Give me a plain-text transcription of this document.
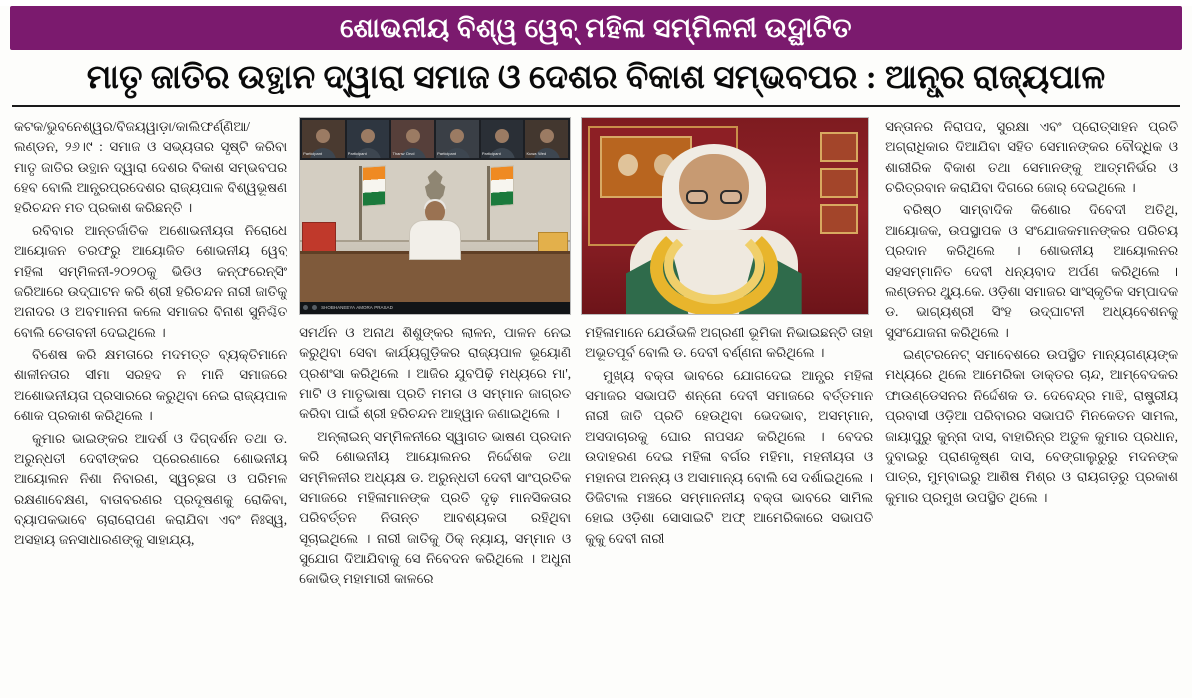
ଶୋଭନୀୟ ବିଶ୍ୱ ୱେବ୍ ମହିଳା ସମ୍ମିଳନୀ ଉଦ୍ଘାଟିତ
ମାତୃ ଜାତିର ଉତ୍ଥାନ ଦ୍ୱାରା ସମାଜ ଓ ଦେଶର ବିକାଶ ସମ୍ଭବପର : ଆନ୍ଧ୍ର ରାଜ୍ୟପାଳ

କଟକ/ଭୁବନେଶ୍ୱର/ବିଜୟୱାଡ଼ା/କାଲିଫର୍ଣ୍ଣିଆ/ ଲଣ୍ଡନ, ୨୬।୯ : ସମାଜ ଓ ସଭ୍ୟତାର ସୃଷ୍ଟି କରିବା ମାତୃ ଜାତିର ଉତ୍ଥାନ ଦ୍ୱାରା ଦେଶର ବିକାଶ ସମ୍ଭବପର ହେବ ବୋଲି ଆନ୍ଧ୍ରପ୍ରଦେଶର ରାଜ୍ୟପାଳ ବିଶ୍ୱଭୂଷଣ ହରିଚନ୍ଦନ ମତ ପ୍ରକାଶ କରିଛନ୍ତି ।

ରବିବାର ଆନ୍ତର୍ଜାତିକ ଅଶୋଭନୀୟତା ନିରୋଧେ ଆୟୋଜନ ତରଫରୁ ଆୟୋଜିତ ଶୋଭନୀୟ ୱେବ୍ ମହିଳା ସମ୍ମିଳନୀ-୨୦୨୦କୁ ଭିଡିଓ କନ୍‌ଫରେନ୍ସିଂ ଜରିଆରେ ଉଦ୍‌ଘାଟନ କରି ଶ୍ରୀ ହରିଚନ୍ଦନ ନାରୀ ଜାତିକୁ ଅନାଦର ଓ ଅବମାନନା କଲେ ସମାଜର ବିନାଶ ସୁନିଶ୍ଚିତ ବୋଲି ଚେତାବନୀ ଦେଇଥିଲେ ।

ବିଶେଷ କରି କ୍ଷମତାରେ ମଦମତ୍ତ ବ୍ୟକ୍ତିମାନେ ଶାଳୀନତାର ସୀମା ସରହଦ ନ ମାନି ସମାଜରେ ଅଶୋଭନୀୟତା ପ୍ରସାରରେ କରୁଥିବା ନେଇ ରାଜ୍ୟପାଳ ଶୋକ ପ୍ରକାଶ କରିଥିଲେ ।

କୁମାର ଭାଇଙ୍କର ଆଦର୍ଶ ଓ ଦିଗ୍‌ଦର୍ଶନ ତଥା ଡ. ଅରୁନ୍ଧତୀ ଦେବୀଙ୍କର ପ୍ରେରଣାରେ ଶୋଭନୀୟ ଆୟୋଲନ ନିଶା ନିବାରଣ, ସ୍ୱଚ୍ଛତା ଓ ପରିମଳ ରକ୍ଷଣାବେକ୍ଷଣ, ବାତାବରଣର ପ୍ରଦୂଷଣକୁ ରୋକିବା, ବ୍ୟାପକଭାବେ ଚାରାରୋପଣ କରାଯିବା ଏବଂ ନିଃସ୍ୱ, ଅସହାୟ ଜନସାଧାରଣଙ୍କୁ ସାହାଯ୍ୟ,

Participant	Participant	Thanw Drvd	Participant	Participant	Kuwa Wed
SHOBHANEEYA AMORA PRASAD

ସମର୍ଥନ ଓ ଅନାଥ ଶିଶୁଙ୍କର ଲାଳନ, ପାଳନ ନେଇ କରୁଥିବା ସେବା କାର୍ଯ୍ୟଗୁଡ଼ିକର ରାଜ୍ୟପାଳ ଭୂୟୋଣି ପ୍ରଶଂସା କରିଥିଲେ । ଆଜିର ଯୁବପିଢ଼ି ମଧ୍ୟରେ ମା', ମାଟି ଓ ମାତୃଭାଷା ପ୍ରତି ମମତା ଓ ସମ୍ମାନ ଜାଗ୍ରତ କରିବା ପାଇଁ ଶ୍ରୀ ହରିଚନ୍ଦନ ଆହ୍ୱାନ ଜଣାଇଥିଲେ ।

ଅନ୍‌ଲାଇନ୍ ସମ୍ମିଳନୀରେ ସ୍ୱାଗତ ଭାଷଣ ପ୍ରଦାନ କରି ଶୋଭନୀୟ ଆୟୋଲନର ନିର୍ଦ୍ଦେଶକ ତଥା ସମ୍ମିଳନୀର ଅଧ୍ୟକ୍ଷ ଡ. ଅରୁନ୍ଧତୀ ଦେବୀ ସାଂପ୍ରତିକ ସମାଜରେ ମହିଳାମାନଙ୍କ ପ୍ରତି ଦୃଢ଼ ମାନସିକତାର ପରିବର୍ତ୍ତନ ନିତାନ୍ତ ଆବଶ୍ୟକତା ରହିଥିବା ସୂଚାଇଥିଲେ । ନାରୀ ଜାତିକୁ ଠିକ୍ ନ୍ୟାୟ, ସମ୍ମାନ ଓ ସୁଯୋଗ ଦିଆଯିବାକୁ ସେ ନିବେଦନ କରିଥିଲେ । ଅଧୁନା କୋଭିଡ୍ ମହାମାରୀ କାଳରେ

ମହିଳାମାନେ ଯେଉଁଭଳି ଅଗ୍ରଣୀ ଭୂମିକା ନିଭାଇଛନ୍ତି ତାହା ଅଭୂତପୂର୍ବ ବୋଲି ଡ. ଦେବୀ ବର୍ଣ୍ଣନା କରିଥିଲେ ।

ମୁଖ୍ୟ ବକ୍ତା ଭାବରେ ଯୋଗଦେଇ ଆନ୍ଧ୍ର ମହିଳା ସମାଜର ସଭାପତି ଶନ୍ନୋ ଦେବୀ ସମାଜରେ ବର୍ତ୍ତମାନ ନାରୀ ଜାତି ପ୍ରତି ହେଉଥିବା ଭେଦଭାବ, ଅସମ୍ମାନ, ଅସଦାଚାରକୁ ଘୋର ନାପସନ୍ଦ କରିଥିଲେ । ବେଦର ଉଦାହରଣ ଦେଇ ମହିଳା ବର୍ଗର ମହିମା, ମହନୀୟତା ଓ ମହାନତା ଅନନ୍ୟ ଓ ଅସାମାନ୍ୟ ବୋଲି ସେ ଦର୍ଶାଇଥିଲେ । ଡିଜିଟାଲ ମଞ୍ଚରେ ସମ୍ମାନନୀୟ ବକ୍ତା ଭାବରେ ସାମିଲ ହୋଇ ଓଡ଼ିଶା ସୋସାଇଟି ଅଫ୍ ଆମେରିକାରେ ସଭାପତି କୁକୁ ଦେବୀ ନାରୀ

ସନ୍ତାନର ନିରାପଦ, ସୁରକ୍ଷା ଏବଂ ପ୍ରୋତ୍ସାହନ ପ୍ରତି ଅଗ୍ରାଧିକାର ଦିଆଯିବା ସହିତ ସେମାନଙ୍କର ବୌଦ୍ଧିକ ଓ ଶାରୀରିକ ବିକାଶ ତଥା ସେମାନଙ୍କୁ ଆତ୍ମନିର୍ଭର ଓ ଚରିତ୍ରବାନ କରାଯିବା ଦିଗରେ ଜୋର୍ ଦେଇଥିଲେ ।

ବରିଷ୍ଠ ସାମ୍ବାଦିକ କିଶୋର ଦିବେଦୀ ଅତିଥି, ଆୟୋଜକ, ଉପସ୍ଥାପକ ଓ ସଂଯୋଜକମାନଙ୍କର ପରିଚୟ ପ୍ରଦାନ କରିଥିଲେ । ଶୋଭନୀୟ ଆୟୋଲନର ସହସମ୍ମାନିତ ଦେବୀ ଧନ୍ୟବାଦ ଅର୍ପଣ କରିଥିଲେ । ଲଣ୍ଡନର ଥ୍ୟୁ.କେ. ଓଡ଼ିଶା ସମାଜର ସାଂସ୍କୃତିକ ସମ୍ପାଦକ ଡ. ଭାଗ୍ୟଶ୍ରୀ ସିଂହ ଉଦ୍‌ଘାଟନୀ ଅଧ୍ୟବେଶନକୁ ସୁସଂଯୋଜନା କରିଥିଲେ ।

ଇଣ୍ଟରନେଟ୍ ସମାବେଶରେ ଉପସ୍ଥିତ ମାନ୍ୟଗଣ୍ୟଙ୍କ ମଧ୍ୟରେ ଥିଲେ ଆମେରିକା ଡାକ୍ତର ଚାନ୍ଦ, ଆମ୍ବେଦକର ଫାଉଣ୍ଡେସନର ନିର୍ଦ୍ଦେଶକ ଡ. ଦେବେନ୍ଦ୍ର ମାଝି, ରାଷ୍ଟ୍ରୀୟ ପ୍ରବାସୀ ଓଡ଼ିଆ ପରିବାରର ସଭାପତି ମିନକେତନ ସାମଲ, ଜାୟାପୁରୁ କୁନ୍ନା ଦାସ, ବାହାରିନ୍‌ର ଅତୁଳ କୁମାର ପ୍ରଧାନ, ଦୁବାଇରୁ ପ୍ରାଣକୃଷ୍ଣ ଦାସ, ବେଙ୍ଗାଲୁରୁରୁ ମଦନଙ୍କ ପାତ୍ର, ମୁମ୍ବାଇରୁ ଆଶିଷ ମିଶ୍ର ଓ ରାୟଗଡ଼ରୁ ପ୍ରକାଶ କୁମାର ପ୍ରମୁଖ ଉପସ୍ଥିତ ଥିଲେ ।
